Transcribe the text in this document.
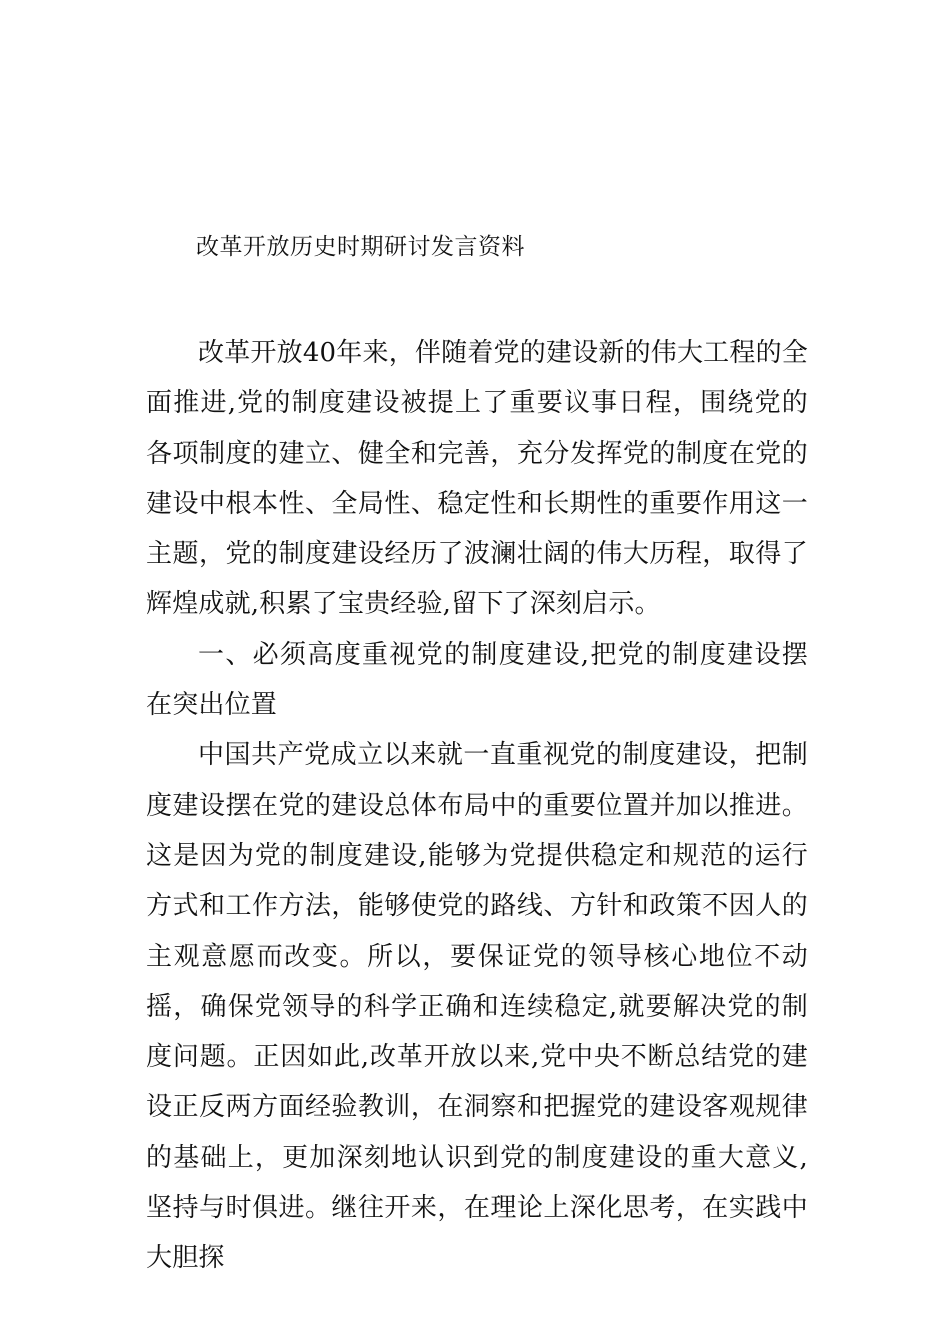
改革开放历史时期研讨发言资料

改革开放40年来，伴随着党的建设新的伟大工程的全面推进,党的制度建设被提上了重要议事日程，围绕党的各项制度的建立、健全和完善，充分发挥党的制度在党的建设中根本性、全局性、稳定性和长期性的重要作用这一主题，党的制度建设经历了波澜壮阔的伟大历程，取得了辉煌成就,积累了宝贵经验,留下了深刻启示。

一、必须高度重视党的制度建设,把党的制度建设摆在突出位置

中国共产党成立以来就一直重视党的制度建设，把制度建设摆在党的建设总体布局中的重要位置并加以推进。这是因为党的制度建设,能够为党提供稳定和规范的运行方式和工作方法，能够使党的路线、方针和政策不因人的主观意愿而改变。所以，要保证党的领导核心地位不动摇，确保党领导的科学正确和连续稳定,就要解决党的制度问题。正因如此,改革开放以来,党中央不断总结党的建设正反两方面经验教训，在洞察和把握党的建设客观规律的基础上，更加深刻地认识到党的制度建设的重大意义,坚持与时俱进。继往开来，在理论上深化思考，在实践中大胆探
